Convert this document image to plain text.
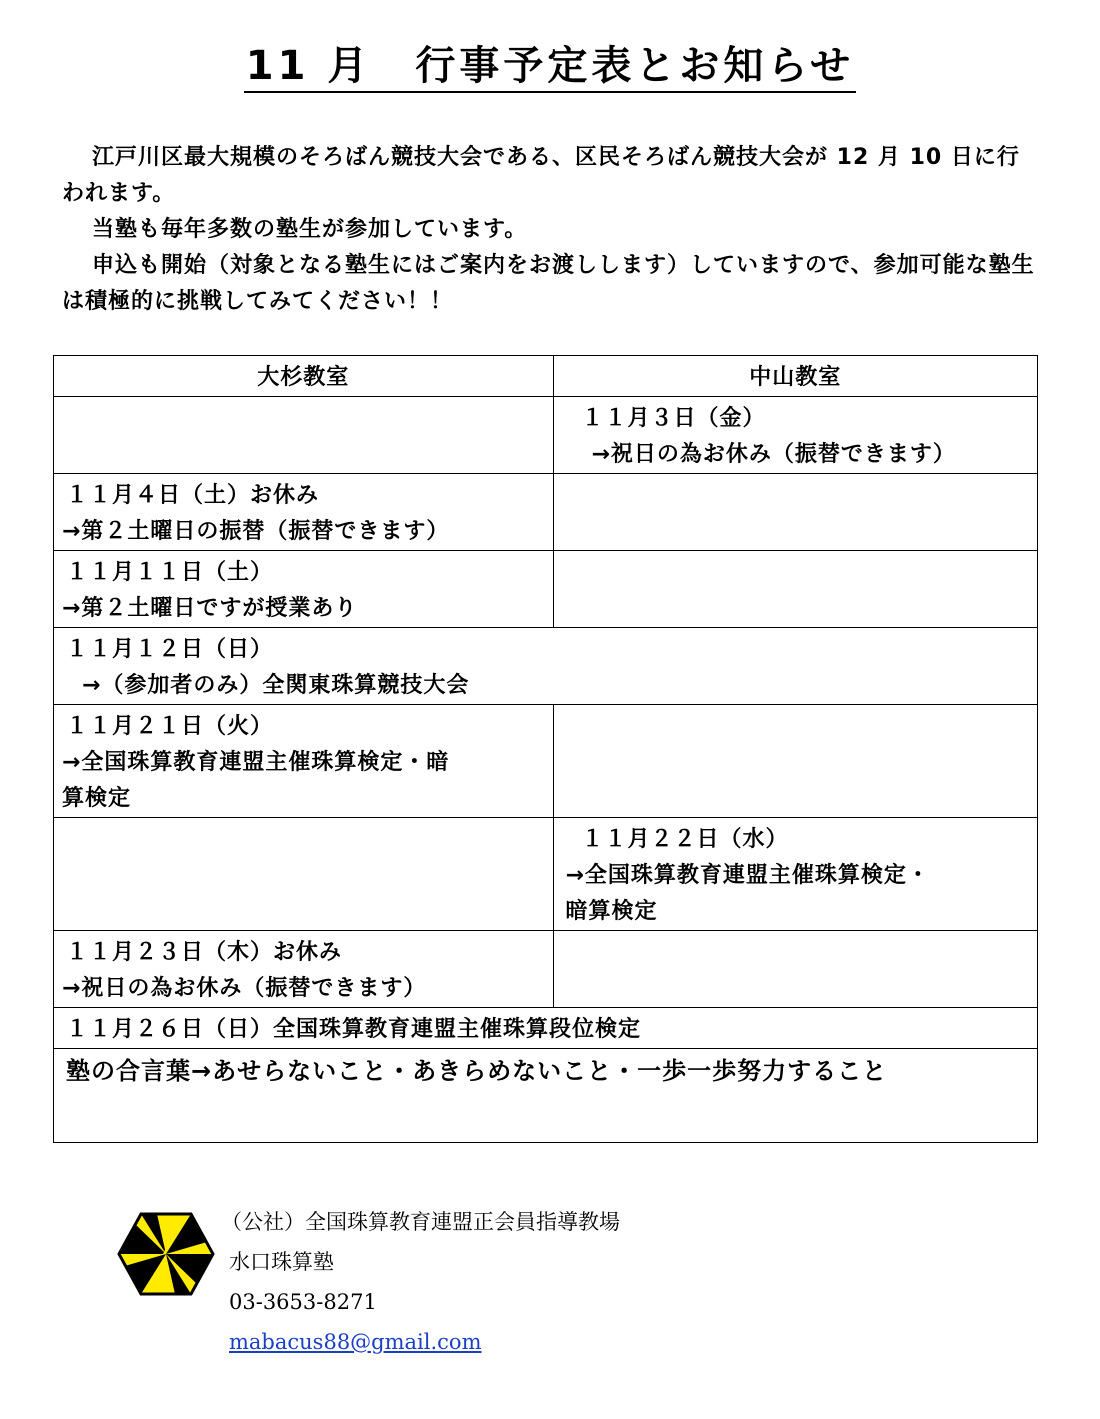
11 月　行事予定表とお知らせ

江戸川区最大規模のそろばん競技大会である、区民そろばん競技大会が 12 月 10 日に行われます。

当塾も毎年多数の塾生が参加しています。

申込も開始（対象となる塾生にはご案内をお渡しします）していますので、参加可能な塾生は積極的に挑戦してみてください！！

大杉教室	中山教室

	１１月３日（金）
→祝日の為お休み（振替できます）

１１月４日（土）お休み
→第２土曜日の振替（振替できます）	

１１月１１日（土）
→第２土曜日ですが授業あり	

１１月１２日（日）
→（参加者のみ）全関東珠算競技大会	

１１月２１日（火）
→全国珠算教育連盟主催珠算検定・暗
算検定	

	１１月２２日（水）
→全国珠算教育連盟主催珠算検定・
暗算検定

１１月２３日（木）お休み
→祝日の為お休み（振替できます）	

１１月２６日（日）全国珠算教育連盟主催珠算段位検定	

塾の合言葉→あせらないこと・あきらめないこと・一歩一歩努力すること	
（公社）全国珠算教育連盟正会員指導教場
水口珠算塾
03-3653-8271
mabacus88@gmail.com
